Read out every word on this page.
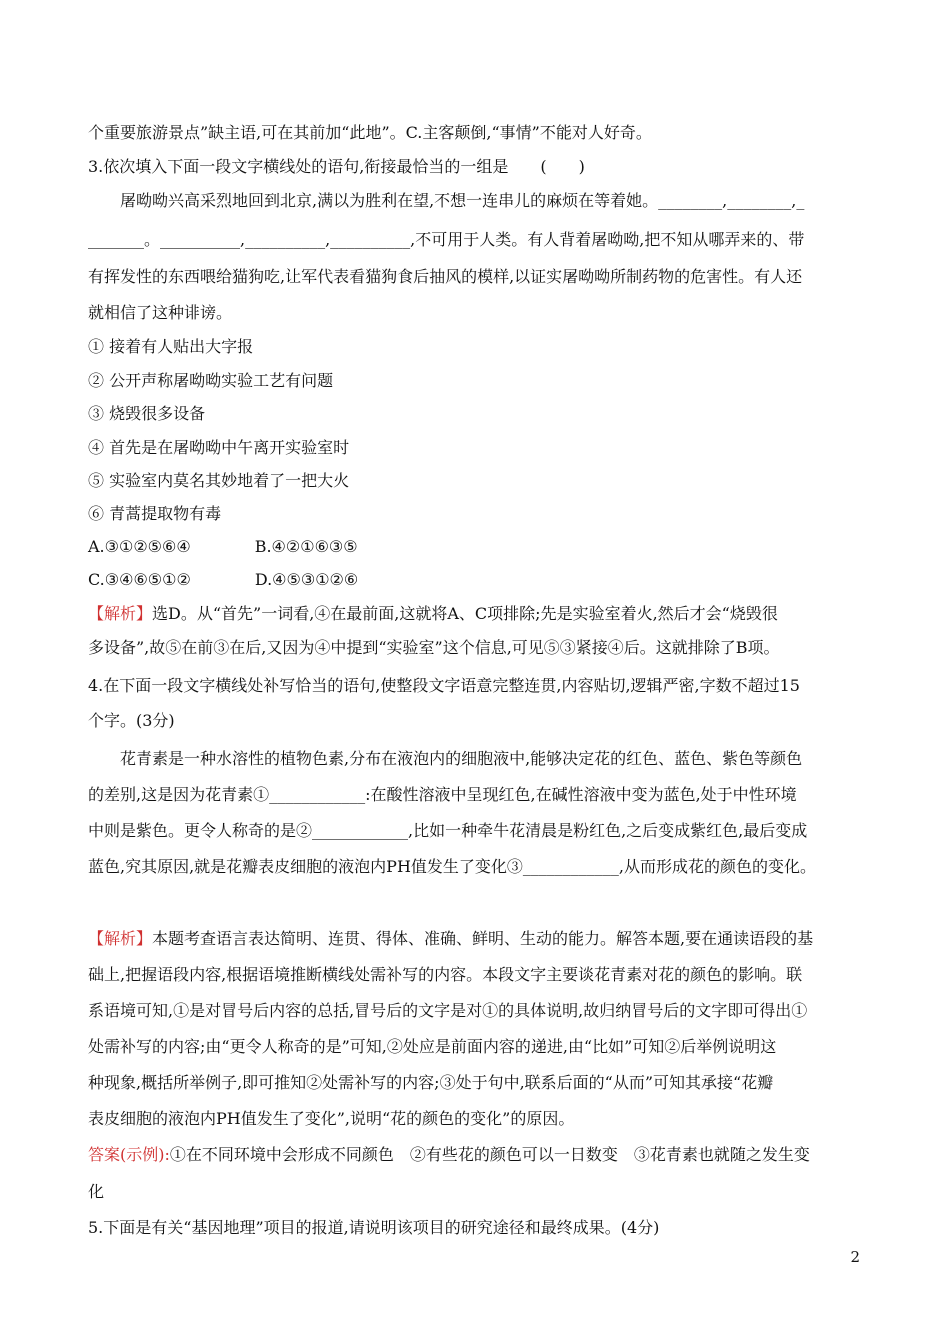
个重要旅游景点”缺主语,可在其前加“此地”。C.主客颠倒,“事情”不能对人好奇。
3.依次填入下面一段文字横线处的语句,衔接最恰当的一组是　　(　　)
屠呦呦兴高采烈地回到北京,满以为胜利在望,不想一连串儿的麻烦在等着她。________,________,_
_______。__________,__________,__________,不可用于人类。有人背着屠呦呦,把不知从哪弄来的、带
有挥发性的东西喂给猫狗吃,让军代表看猫狗食后抽风的模样,以证实屠呦呦所制药物的危害性。有人还
就相信了这种诽谤。
① 接着有人贴出大字报
② 公开声称屠呦呦实验工艺有问题
③ 烧毁很多设备
④ 首先是在屠呦呦中午离开实验室时
⑤ 实验室内莫名其妙地着了一把大火
⑥ 青蒿提取物有毒
A.③①②⑤⑥④　　　　B.④②①⑥③⑤
C.③④⑥⑤①②　　　　D.④⑤③①②⑥
【解析】选D。从“首先”一词看,④在最前面,这就将A、C项排除;先是实验室着火,然后才会“烧毁很
多设备”,故⑤在前③在后,又因为④中提到“实验室”这个信息,可见⑤③紧接④后。这就排除了B项。
4.在下面一段文字横线处补写恰当的语句,使整段文字语意完整连贯,内容贴切,逻辑严密,字数不超过15
个字。(3分)
花青素是一种水溶性的植物色素,分布在液泡内的细胞液中,能够决定花的红色、蓝色、紫色等颜色
的差别,这是因为花青素①____________:在酸性溶液中呈现红色,在碱性溶液中变为蓝色,处于中性环境
中则是紫色。更令人称奇的是②____________,比如一种牵牛花清晨是粉红色,之后变成紫红色,最后变成
蓝色,究其原因,就是花瓣表皮细胞的液泡内PH值发生了变化③____________,从而形成花的颜色的变化。
【解析】本题考查语言表达简明、连贯、得体、准确、鲜明、生动的能力。解答本题,要在通读语段的基
础上,把握语段内容,根据语境推断横线处需补写的内容。本段文字主要谈花青素对花的颜色的影响。联
系语境可知,①是对冒号后内容的总括,冒号后的文字是对①的具体说明,故归纳冒号后的文字即可得出①
处需补写的内容;由“更令人称奇的是”可知,②处应是前面内容的递进,由“比如”可知②后举例说明这
种现象,概括所举例子,即可推知②处需补写的内容;③处于句中,联系后面的“从而”可知其承接“花瓣
表皮细胞的液泡内PH值发生了变化”,说明“花的颜色的变化”的原因。
答案(示例):①在不同环境中会形成不同颜色　②有些花的颜色可以一日数变　③花青素也就随之发生变
化
5.下面是有关“基因地理”项目的报道,请说明该项目的研究途径和最终成果。(4分)
2
